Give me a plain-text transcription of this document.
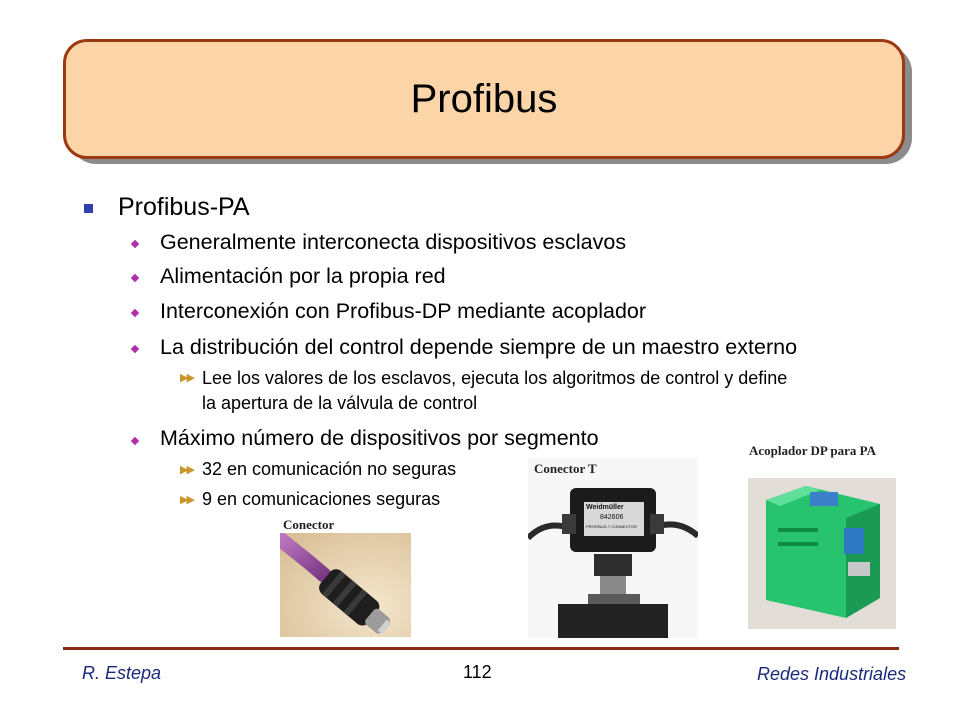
Profibus
Profibus-PA
Generalmente interconecta dispositivos esclavos
Alimentación por la propia red
Interconexión con Profibus-DP mediante acoplador
La distribución del control depende siempre de un maestro externo
▶▶ Lee los valores de los esclavos, ejecuta los algoritmos de control y define
la apertura de la válvula de control
Máximo número de dispositivos por segmento
▶▶ 32 en comunicación no seguras
▶▶ 9 en comunicaciones seguras
Conector
Weidmüller
842606
PROFIBUS-T CONNECTOR
Conector T
Acoplador DP para PA
R. Estepa	112	Redes Industriales
